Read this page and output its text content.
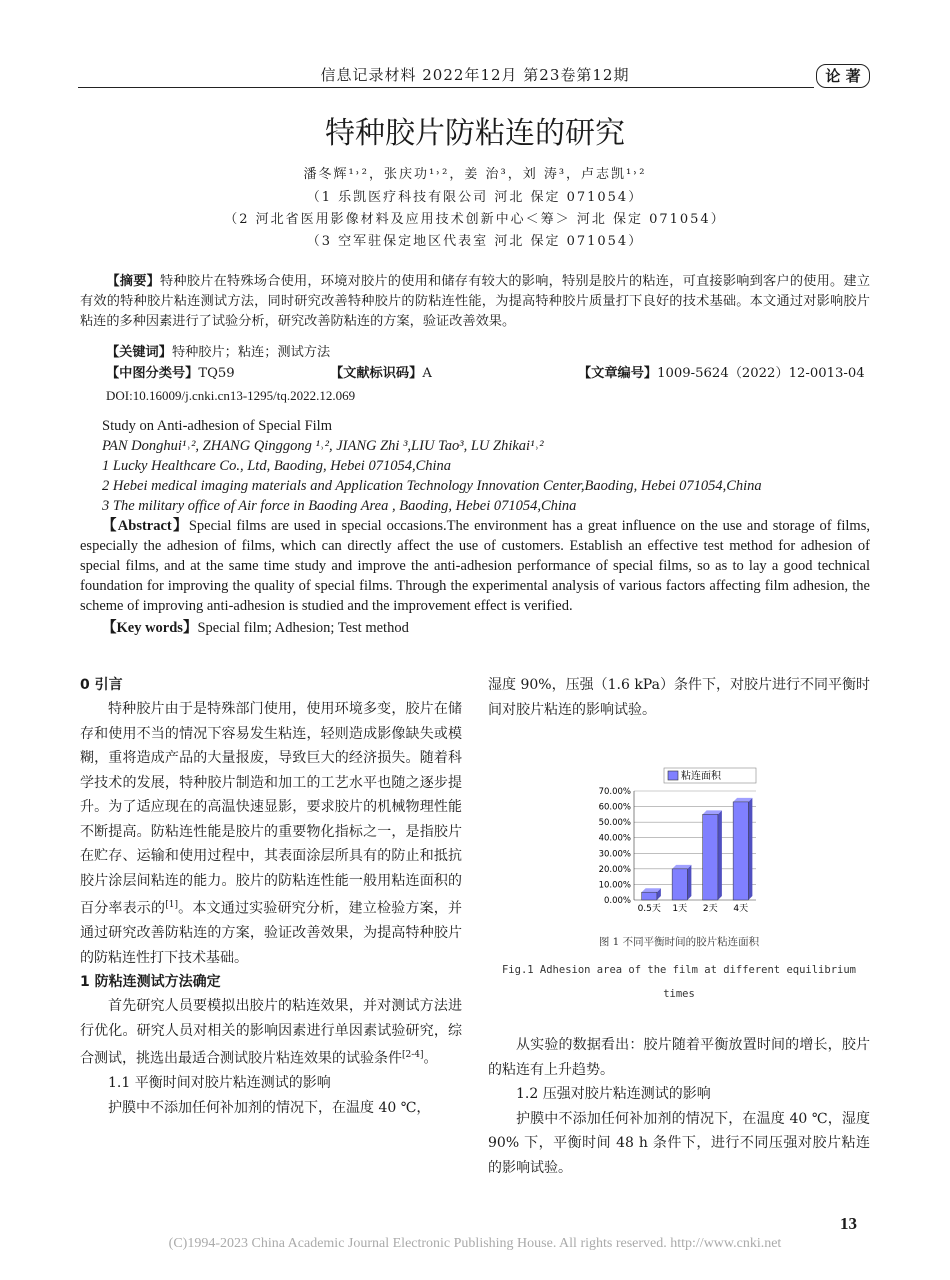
信息记录材料 2022年12月 第23卷第12期	论 著
特种胶片防粘连的研究
潘冬辉¹˒²，张庆功¹˒²，姜 治³，刘 涛³，卢志凯¹˒²
（1 乐凯医疗科技有限公司 河北 保定 071054）
（2 河北省医用影像材料及应用技术创新中心＜筹＞ 河北 保定 071054）
（3 空军驻保定地区代表室 河北 保定 071054）
【摘要】特种胶片在特殊场合使用，环境对胶片的使用和储存有较大的影响，特别是胶片的粘连，可直接影响到客户的使用。建立有效的特种胶片粘连测试方法，同时研究改善特种胶片的防粘连性能，为提高特种胶片质量打下良好的技术基础。本文通过对影响胶片粘连的多种因素进行了试验分析，研究改善防粘连的方案，验证改善效果。
【关键词】特种胶片；粘连；测试方法
【中图分类号】TQ59	【文献标识码】A	【文章编号】1009-5624（2022）12-0013-04
DOI:10.16009/j.cnki.cn13-1295/tq.2022.12.069
Study on Anti-adhesion of Special Film
PAN Donghui¹˒², ZHANG Qinggong ¹˒², JIANG Zhi ³,LIU Tao³, LU Zhikai¹˒²
1 Lucky Healthcare Co., Ltd, Baoding, Hebei 071054,China
2 Hebei medical imaging materials and Application Technology Innovation Center,Baoding, Hebei 071054,China
3 The military office of Air force in Baoding Area , Baoding, Hebei 071054,China
【Abstract】Special films are used in special occasions.The environment has a great influence on the use and storage of films, especially the adhesion of films, which can directly affect the use of customers. Establish an effective test method for adhesion of special films, and at the same time study and improve the anti-adhesion performance of special films, so as to lay a good technical foundation for improving the quality of special films. Through the experimental analysis of various factors affecting film adhesion, the scheme of improving anti-adhesion is studied and the improvement effect is verified.
【Key words】Special film; Adhesion; Test method
0 引言
特种胶片由于是特殊部门使用，使用环境多变，胶片在储存和使用不当的情况下容易发生粘连，轻则造成影像缺失或模糊，重将造成产品的大量报废，导致巨大的经济损失。随着科学技术的发展，特种胶片制造和加工的工艺水平也随之逐步提升。为了适应现在的高温快速显影，要求胶片的机械物理性能不断提高。防粘连性能是胶片的重要物化指标之一，是指胶片在贮存、运输和使用过程中，其表面涂层所具有的防止和抵抗胶片涂层间粘连的能力。胶片的防粘连性能一般用粘连面积的百分率表示的[1]。本文通过实验研究分析，建立检验方案，并通过研究改善防粘连的方案，验证改善效果，为提高特种胶片的防粘连性打下技术基础。
1 防粘连测试方法确定
首先研究人员要模拟出胶片的粘连效果，并对测试方法进行优化。研究人员对相关的影响因素进行单因素试验研究，综合测试，挑选出最适合测试胶片粘连效果的试验条件[2-4]。
1.1 平衡时间对胶片粘连测试的影响
护膜中不添加任何补加剂的情况下，在温度 40 ℃，
湿度 90%，压强（1.6 kPa）条件下，对胶片进行不同平衡时间对胶片粘连的影响试验。
0.00%
10.00%
20.00%
30.00%
40.00%
50.00%
60.00%
70.00%
0.5天 1天 2天 4天
粘连面积
图 1 不同平衡时间的胶片粘连面积
Fig.1 Adhesion area of the film at different equilibrium times
从实验的数据看出：胶片随着平衡放置时间的增长，胶片的粘连有上升趋势。
1.2 压强对胶片粘连测试的影响
护膜中不添加任何补加剂的情况下，在温度 40 ℃，湿度 90% 下，平衡时间 48 h 条件下，进行不同压强对胶片粘连的影响试验。
13
(C)1994-2023 China Academic Journal Electronic Publishing House. All rights reserved. http://www.cnki.net
